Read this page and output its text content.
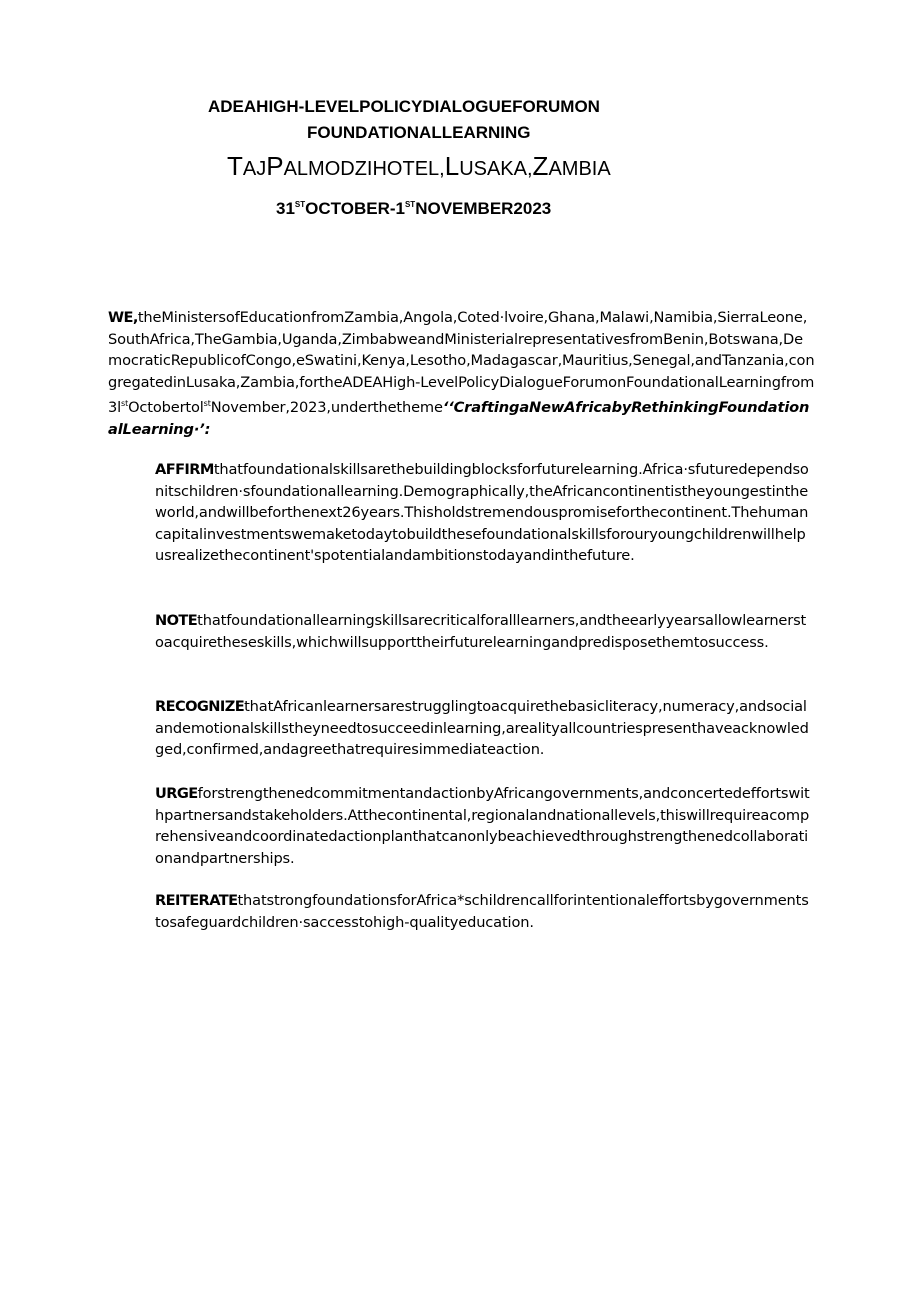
ADEAHIGH-LEVELPOLICYDIALOGUEFORUMON
FOUNDATIONALLEARNING
TAJPALMODZIHOTEL,LUSAKA,ZAMBIA
31STOCTOBER-1STNOVEMBER2023
WE,theMinistersofEducationfromZambia,Angola,Coted·lvoire,Ghana,Malawi,Namibia,SierraLeone,SouthAfrica,TheGambia,Uganda,ZimbabweandMinisterialrepresentativesfromBenin,Botswana,DemocraticRepublicofCongo,eSwatini,Kenya,Lesotho,Madagascar,Mauri$tius,Senegal,andTanzania,congregatedinLusaka,Zambia,fortheADEAHigh-LevelPolicyDialogueForumonFoundationalLearningfrom3l^{st}$Octobertol$^{st}$November,2023,underthethemeʻʻCraftingaNewAfricabyRethinkingFoundationalLearning·ʼ:
AFFIRMthatfoundationalskillsarethebuildingblocksforfuturelearning.Africa·sfuturedependsonitschildren·sfoundationallearning.Demographically,theAfricancontinentistheyoungestintheworld,andwillbeforthenext26years.Thisholdstremendouspromiseforthecontinent.Thehumancapitalinvestmentswemaketodaytobuildthesefoundationalskillsforouryoungchildrenwillhelpusrealizethecontinent'spotentialandambitionstodayandinthefuture.
NOTEthatfoundationallearningskillsarecriticalforalllearners,andtheearlyyearsallowlearnerstoacquiretheseskills,whichwillsupporttheirfuturelearningandpredisposethemtosuccess.
RECOGNIZEthatAfricanlearnersarestrugglingtoacquirethebasicliteracy,numeracy,andsocialandemotionalskillstheyneedtosucceedinlearning,arealityallcountriespresenthaveacknowledged,confirmed,andagreethatrequiresimmediateaction.
URGEforstrengthenedcommitmentandactionbyAfricangovernments,andconcertedeffortswithpartnersandstakeholders.Atthecontinental,regionalandnationallevels,thiswillrequireacomprehensiveandcoordinatedactionplanthatcanonlybeachievedthroughstrengthenedcollaborationandpartnerships.
REITERATEthatstrongfoundationsforAfrica*schildrencallforintentionaleffortsbygovernmentstosafeguardchildren·saccesstohigh-qualityeducation.
